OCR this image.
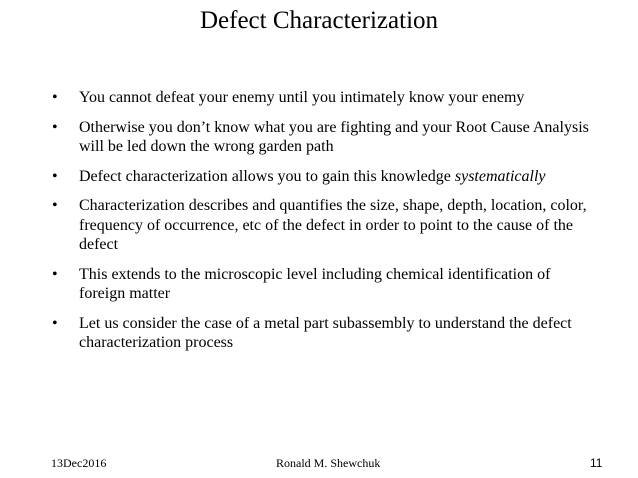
Defect Characterization
• You cannot defeat your enemy until you intimately know your enemy
• Otherwise you don’t know what you are fighting and your Root Cause Analysis will be led down the wrong garden path
• Defect characterization allows you to gain this knowledge systematically
• Characterization describes and quantifies the size, shape, depth, location, color, frequency of occurrence, etc of the defect in order to point to the cause of the defect
• This extends to the microscopic level including chemical identification of foreign matter
• Let us consider the case of a metal part subassembly to understand the defect characterization process
13Dec2016	Ronald M. Shewchuk	11
